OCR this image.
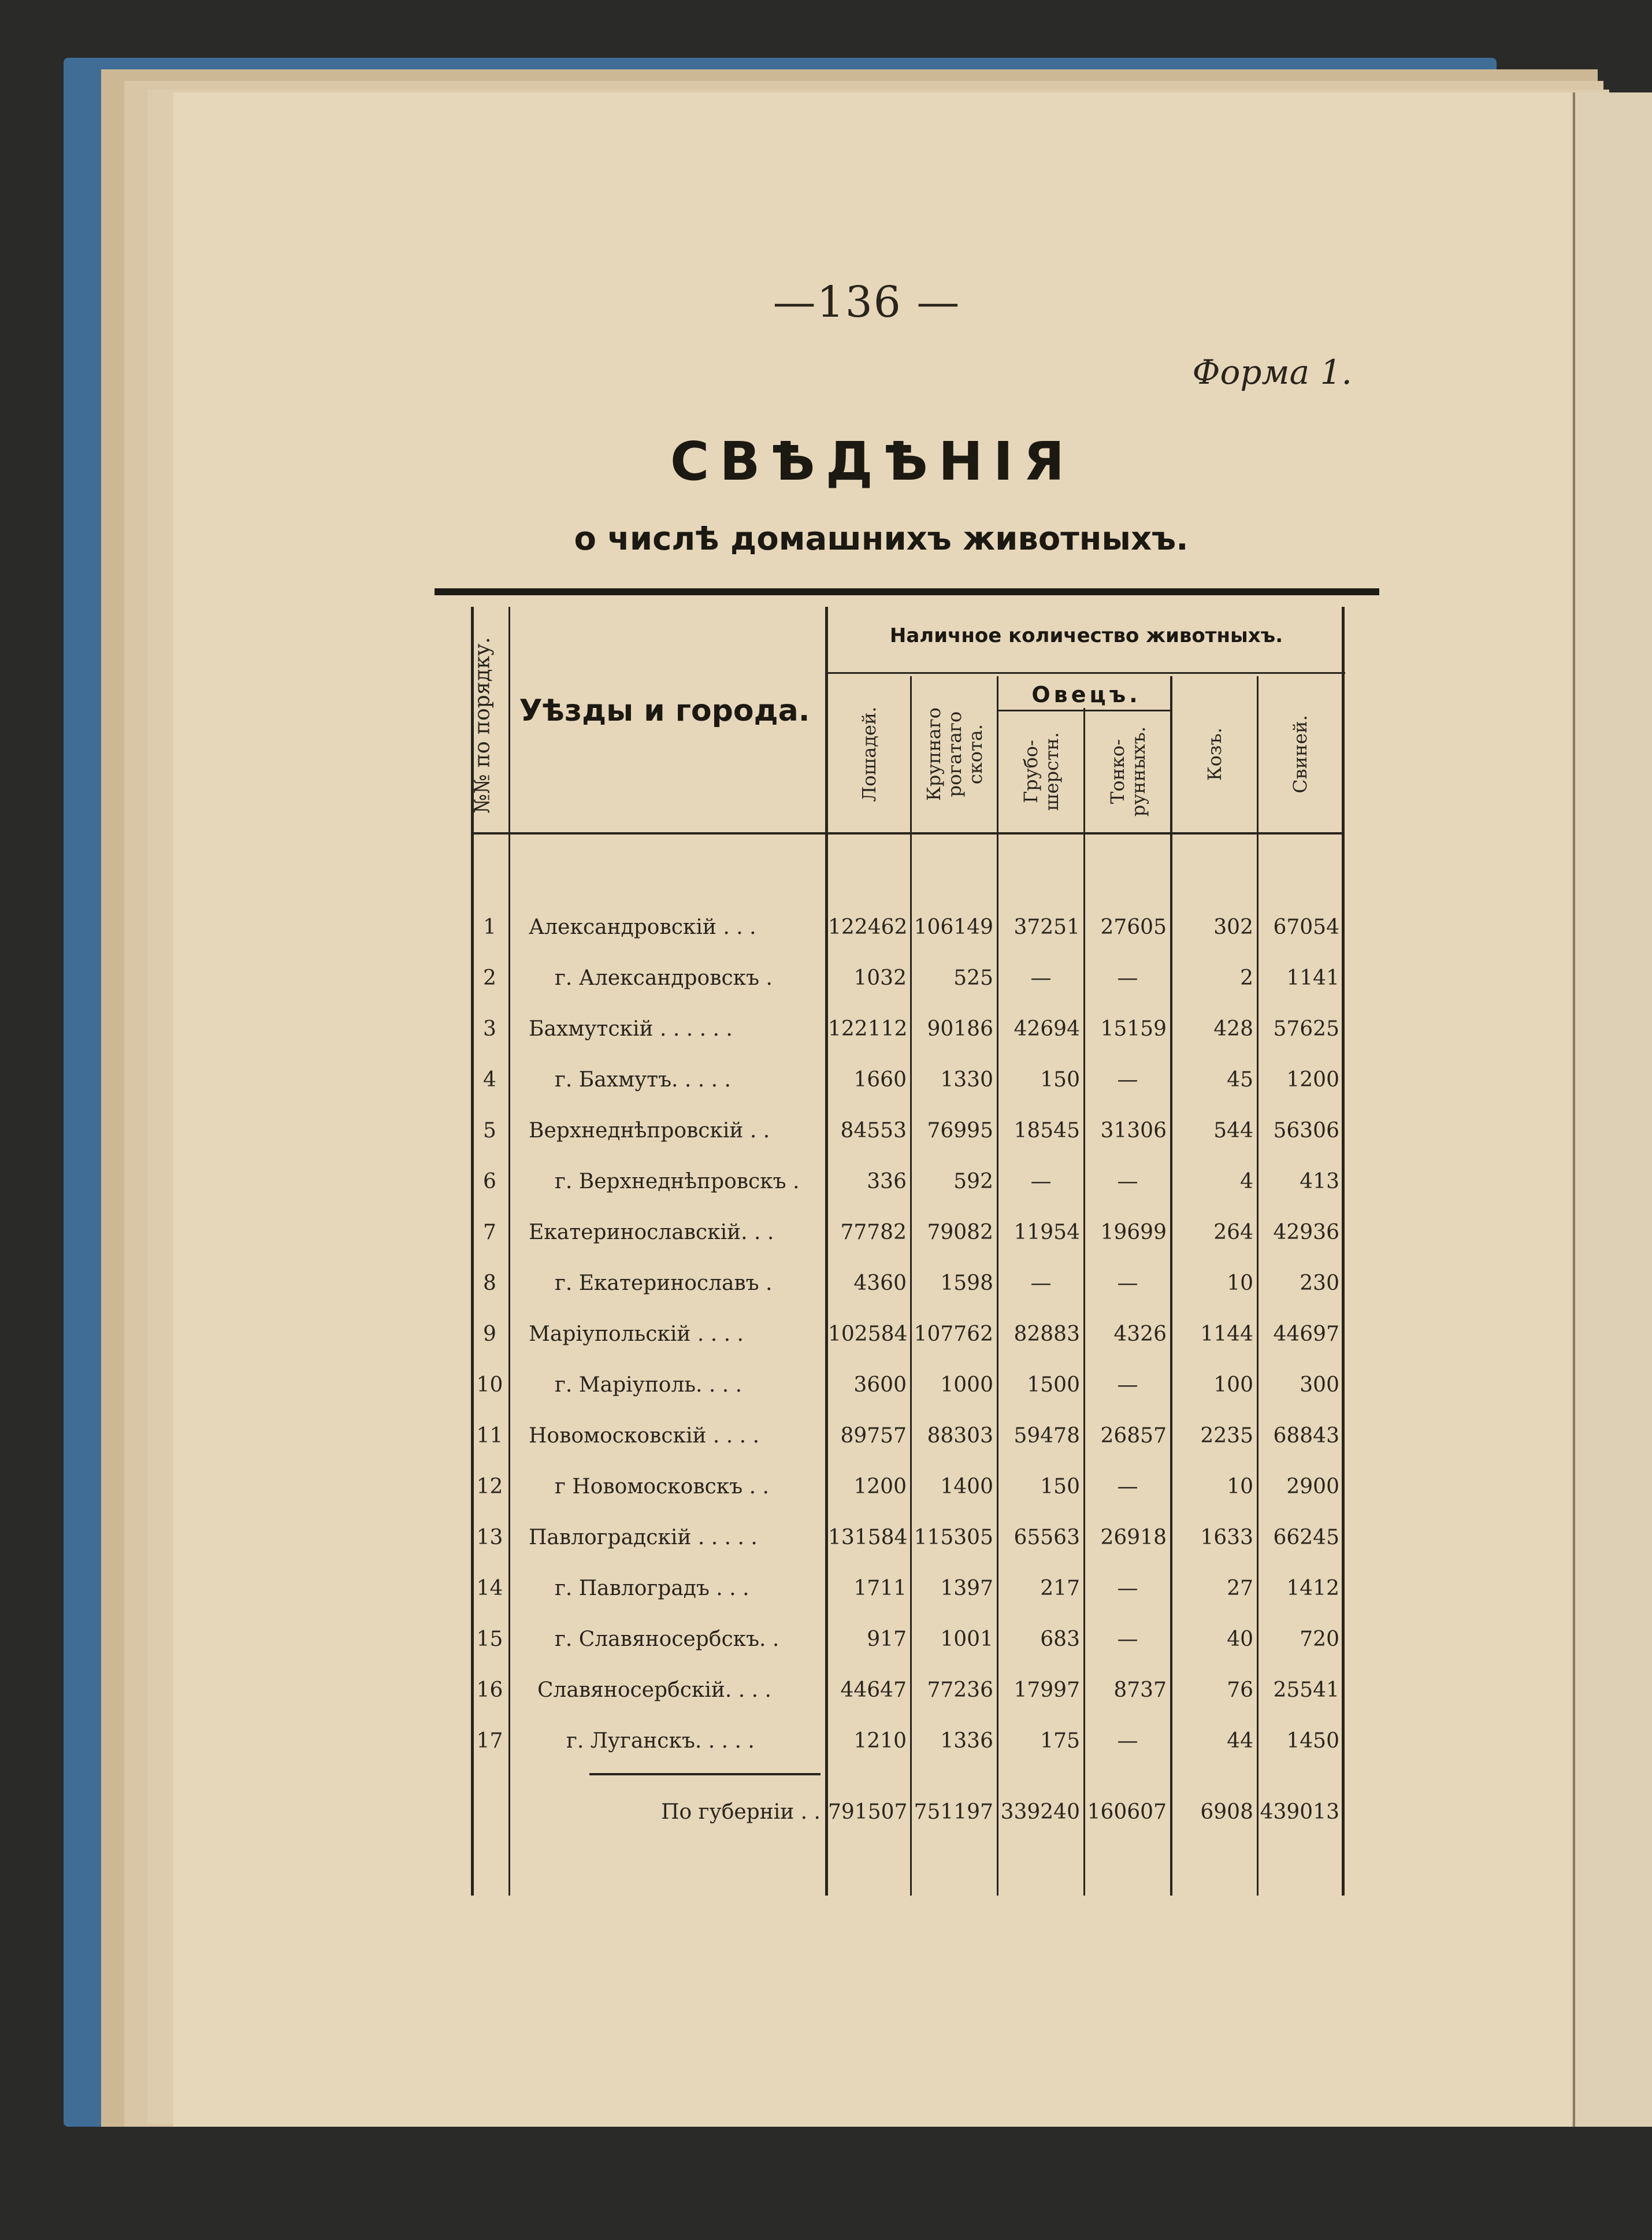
—136 —
Форма 1.
СВѢДѢНІЯ
о числѣ домашнихъ животныхъ.
№№ по порядку. Уѣзды и города.
Наличное количество животныхъ.
Овецъ.
Лошадей. Крупнаго
рогатаго
скота. Грубо-
шерстн. Тонко-
рунныхъ.	Козъ.	Свиней.
1	Александровскій . . .	122462 106149 37251 27605	302 67054
2	г. Александровскъ .	1032	525	—	—	2	1141
3	Бахмутскій . . . . . .	122112 90186 42694 15159	428 57625
4	г. Бахмутъ. . . . .	1660	1330	150	—	45	1200
5	Верхнеднѣпровскій . .	84553 76995 18545 31306	544 56306
6	г. Верхнеднѣпровскъ .	336	592	—	—	4	413
7	Екатеринославскій. . .	77782 79082 11954 19699	264 42936
8	г. Екатеринославъ .	4360	1598	—	—	10	230
9	Маріупольскій . . . .	102584 107762 82883	4326	1144 44697
10 г. Маріуполь. . . .	3600	1000	1500	—	100	300
11 Новомосковскій . . . .	89757 88303 59478 26857	2235 68843
12 г Новомосковскъ . .	1200	1400	150	—	10	2900
13 Павлоградскій . . . . .	131584 115305 65563 26918	1633 66245
14 г. Павлоградъ . . .	1711	1397	217	—	27	1412
15 г. Славяносербскъ. .	917	1001	683	—	40	720
16 Славяносербскій. . . .	44647 77236 17997	8737	76 25541
17	г. Луганскъ. . . . .	1210	1336	175	—	44	1450
По губерніи . . 791507 751197 339240 160607	6908 439013
